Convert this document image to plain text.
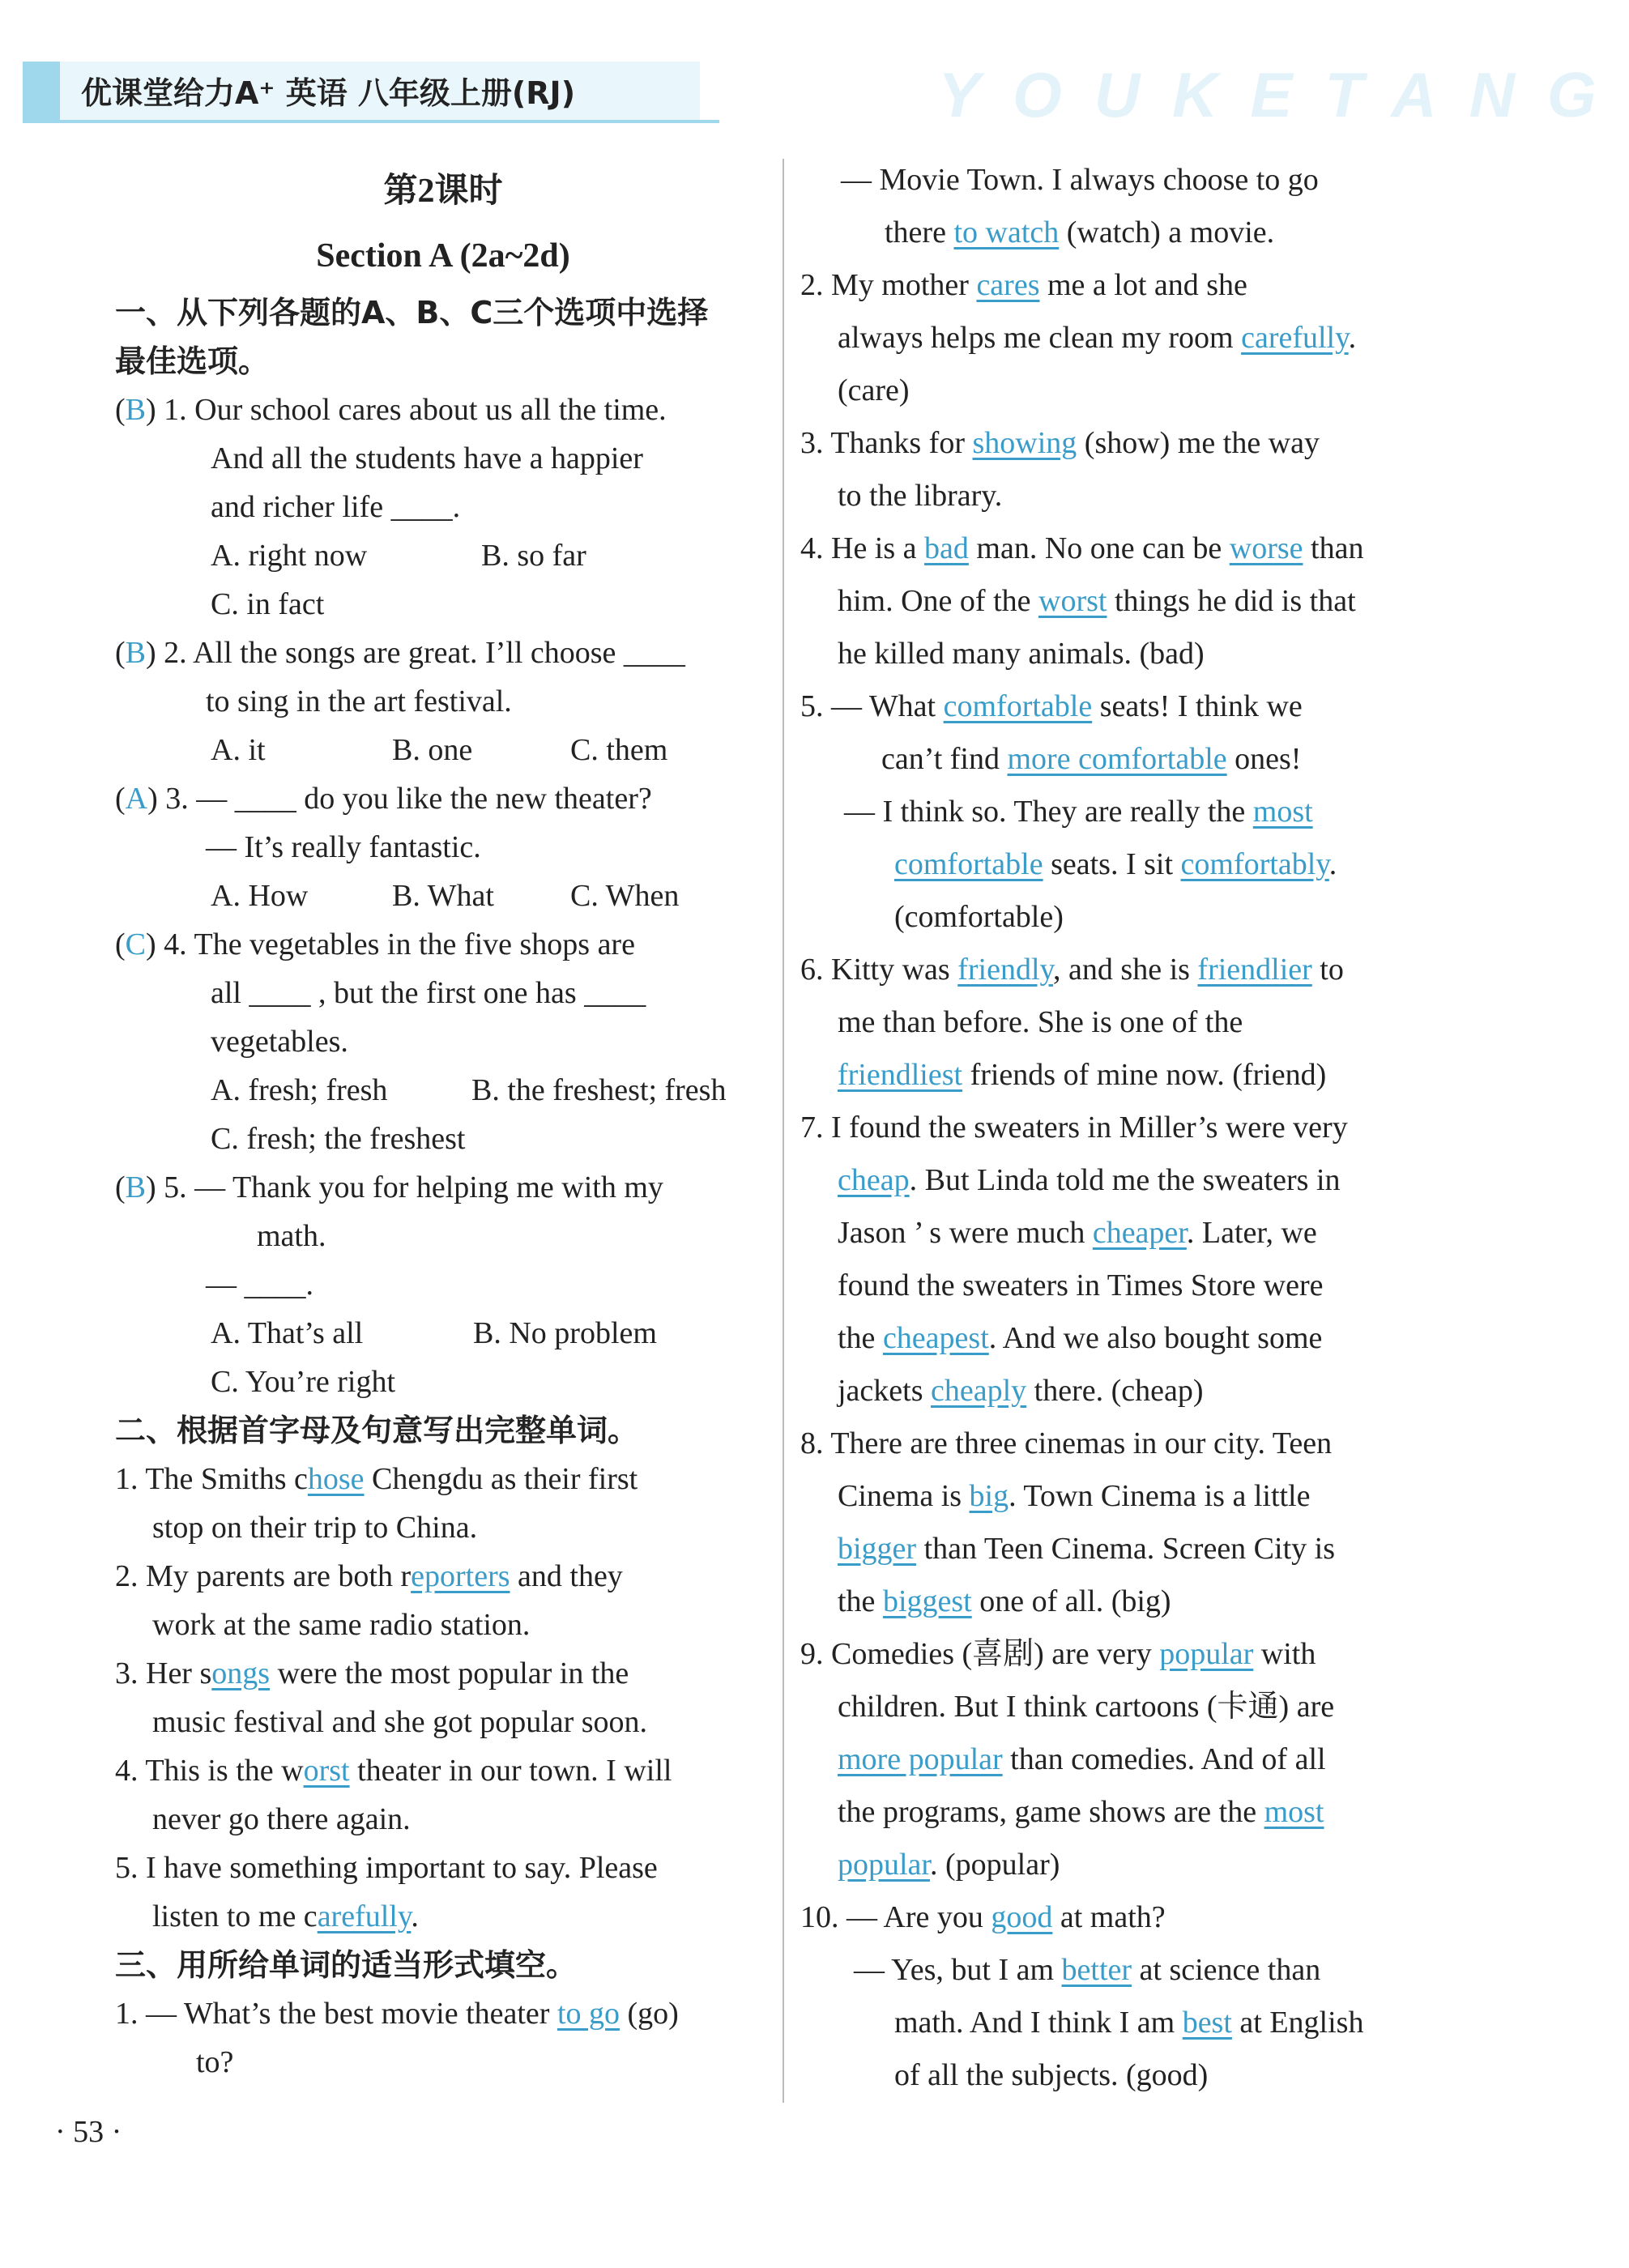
优课堂给力A⁺ 英语 八年级上册(RJ)	YOUKETANG
第2课时
Section A (2a~2d)
一、从下列各题的A、B、C三个选项中选择
最佳选项。
(B) 1. Our school cares about us all the time.
And all the students have a happier
and richer life ____.
A. right now	B. so far
C. in fact
(B) 2. All the songs are great. I’ll choose ____
to sing in the art festival.
A. it	B. one	C. them
(A) 3. — ____ do you like the new theater?
— It’s really fantastic.
A. How	B. What C. When
(C) 4. The vegetables in the five shops are
all ____ , but the first one has ____
vegetables.
A. fresh; fresh	B. the freshest; fresh
C. fresh; the freshest
(B) 5. — Thank you for helping me with my
math.
— ____.
A. That’s all	B. No problem
C. You’re right
二、根据首字母及句意写出完整单词。
1. The Smiths chose Chengdu as their first
stop on their trip to China.
2. My parents are both reporters and they
work at the same radio station.
3. Her songs were the most popular in the
music festival and she got popular soon.
4. This is the worst theater in our town. I will
never go there again.
5. I have something important to say. Please
listen to me carefully.
三、用所给单词的适当形式填空。
1. — What’s the best movie theater to go (go)
to?
— Movie Town. I always choose to go
there to watch (watch) a movie.
2. My mother cares me a lot and she
always helps me clean my room carefully.
(care)
3. Thanks for showing (show) me the way
to the library.
4. He is a bad man. No one can be worse than
him. One of the worst things he did is that
he killed many animals. (bad)
5. — What comfortable seats! I think we
can’t find more comfortable ones!
— I think so. They are really the most
comfortable seats. I sit comfortably.
(comfortable)
6. Kitty was friendly, and she is friendlier to
me than before. She is one of the
friendliest friends of mine now. (friend)
7. I found the sweaters in Miller’s were very
cheap. But Linda told me the sweaters in
Jason ’ s were much cheaper. Later, we
found the sweaters in Times Store were
the cheapest. And we also bought some
jackets cheaply there. (cheap)
8. There are three cinemas in our city. Teen
Cinema is big. Town Cinema is a little
bigger than Teen Cinema. Screen City is
the biggest one of all. (big)
9. Comedies (喜剧) are very popular with
children. But I think cartoons (卡通) are
more popular than comedies. And of all
the programs, game shows are the most
popular. (popular)
10. — Are you good at math?
— Yes, but I am better at science than
math. And I think I am best at English
of all the subjects. (good)
· 53 ·
